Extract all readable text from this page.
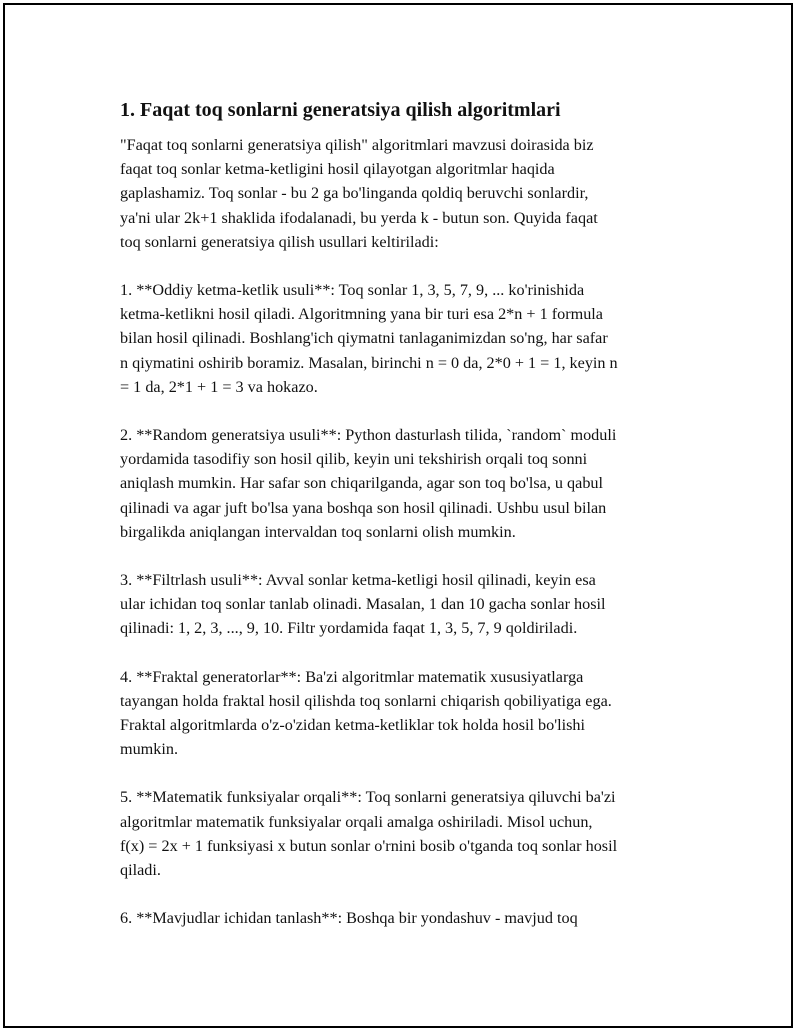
1. Faqat toq sonlarni generatsiya qilish algoritmlari

"Faqat toq sonlarni generatsiya qilish" algoritmlari mavzusi doirasida biz
faqat toq sonlar ketma-ketligini hosil qilayotgan algoritmlar haqida
gaplashamiz. Toq sonlar - bu 2 ga bo'linganda qoldiq beruvchi sonlardir,
ya'ni ular 2k+1 shaklida ifodalanadi, bu yerda k - butun son. Quyida faqat
toq sonlarni generatsiya qilish usullari keltiriladi:

1. **Oddiy ketma-ketlik usuli**: Toq sonlar 1, 3, 5, 7, 9, ... ko'rinishida
ketma-ketlikni hosil qiladi. Algoritmning yana bir turi esa 2*n + 1 formula
bilan hosil qilinadi. Boshlang'ich qiymatni tanlaganimizdan so'ng, har safar
n qiymatini oshirib boramiz. Masalan, birinchi n = 0 da, 2*0 + 1 = 1, keyin n
= 1 da, 2*1 + 1 = 3 va hokazo.

2. **Random generatsiya usuli**: Python dasturlash tilida, `random` moduli
yordamida tasodifiy son hosil qilib, keyin uni tekshirish orqali toq sonni
aniqlash mumkin. Har safar son chiqarilganda, agar son toq bo'lsa, u qabul
qilinadi va agar juft bo'lsa yana boshqa son hosil qilinadi. Ushbu usul bilan
birgalikda aniqlangan intervaldan toq sonlarni olish mumkin.

3. **Filtrlash usuli**: Avval sonlar ketma-ketligi hosil qilinadi, keyin esa
ular ichidan toq sonlar tanlab olinadi. Masalan, 1 dan 10 gacha sonlar hosil
qilinadi: 1, 2, 3, ..., 9, 10. Filtr yordamida faqat 1, 3, 5, 7, 9 qoldiriladi.

4. **Fraktal generatorlar**: Ba'zi algoritmlar matematik xususiyatlarga
tayangan holda fraktal hosil qilishda toq sonlarni chiqarish qobiliyatiga ega.
Fraktal algoritmlarda o'z-o'zidan ketma-ketliklar tok holda hosil bo'lishi
mumkin.

5. **Matematik funksiyalar orqali**: Toq sonlarni generatsiya qiluvchi ba'zi
algoritmlar matematik funksiyalar orqali amalga oshiriladi. Misol uchun,
f(x) = 2x + 1 funksiyasi x butun sonlar o'rnini bosib o'tganda toq sonlar hosil
qiladi.

6. **Mavjudlar ichidan tanlash**: Boshqa bir yondashuv - mavjud toq
